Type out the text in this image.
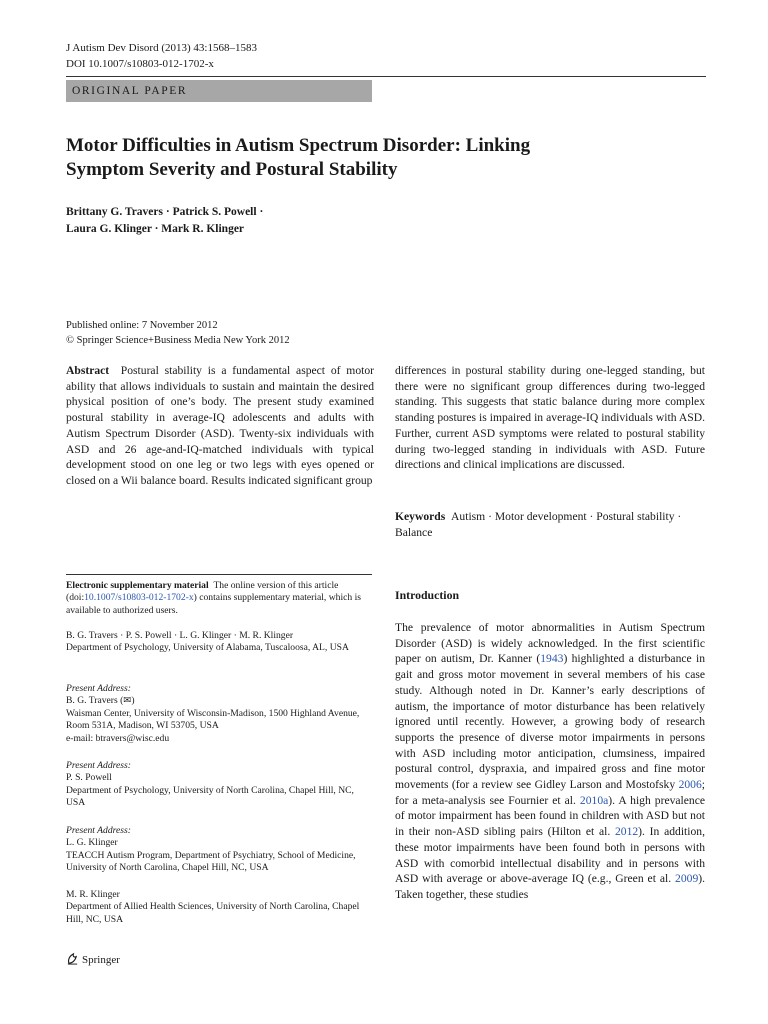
J Autism Dev Disord (2013) 43:1568–1583
DOI 10.1007/s10803-012-1702-x
ORIGINAL PAPER
Motor Difficulties in Autism Spectrum Disorder: Linking
Symptom Severity and Postural Stability
Brittany G. Travers · Patrick S. Powell ·
Laura G. Klinger · Mark R. Klinger
Published online: 7 November 2012
© Springer Science+Business Media New York 2012
Abstract Postural stability is a fundamental aspect of motor ability that allows individuals to sustain and maintain the desired physical position of one’s body. The present study examined postural stability in average-IQ adolescents and adults with Autism Spectrum Disorder (ASD). Twenty-six individuals with ASD and 26 age-and-IQ-matched individuals with typical development stood on one leg or two legs with eyes opened or closed on a Wii balance board. Results indicated significant group
differences in postural stability during one-legged standing, but there were no significant group differences during two-legged standing. This suggests that static balance during more complex standing postures is impaired in average-IQ individuals with ASD. Further, current ASD symptoms were related to postural stability during two-legged standing in individuals with ASD. Future directions and clinical implications are discussed.
Keywords Autism · Motor development · Postural stability · Balance
Electronic supplementary material The online version of this article (doi:10.1007/s10803-012-1702-x) contains supplementary material, which is available to authorized users.
B. G. Travers · P. S. Powell · L. G. Klinger · M. R. Klinger
Department of Psychology, University of Alabama, Tuscaloosa, AL, USA
Present Address:
B. G. Travers (✉)
Waisman Center, University of Wisconsin-Madison, 1500 Highland Avenue, Room 531A, Madison, WI 53705, USA
e-mail: btravers@wisc.edu
Present Address:
P. S. Powell
Department of Psychology, University of North Carolina, Chapel Hill, NC, USA
Present Address:
L. G. Klinger
TEACCH Autism Program, Department of Psychiatry, School of Medicine, University of North Carolina, Chapel Hill, NC, USA
M. R. Klinger
Department of Allied Health Sciences, University of North Carolina, Chapel Hill, NC, USA
Introduction
The prevalence of motor abnormalities in Autism Spectrum Disorder (ASD) is widely acknowledged. In the first scientific paper on autism, Dr. Kanner (1943) highlighted a disturbance in gait and gross motor movement in several members of his case study. Although noted in Dr. Kanner’s early descriptions of autism, the importance of motor disturbance has been relatively ignored until recently. However, a growing body of research supports the presence of diverse motor impairments in persons with ASD including motor anticipation, clumsiness, impaired postural control, dyspraxia, and impaired gross and fine motor movements (for a review see Gidley Larson and Mostofsky 2006; for a meta-analysis see Fournier et al. 2010a). A high prevalence of motor impairment has been found in children with ASD but not in their non-ASD sibling pairs (Hilton et al. 2012). In addition, these motor impairments have been found both in persons with ASD with comorbid intellectual disability and in persons with ASD with average or above-average IQ (e.g., Green et al. 2009). Taken together, these studies
Springer
